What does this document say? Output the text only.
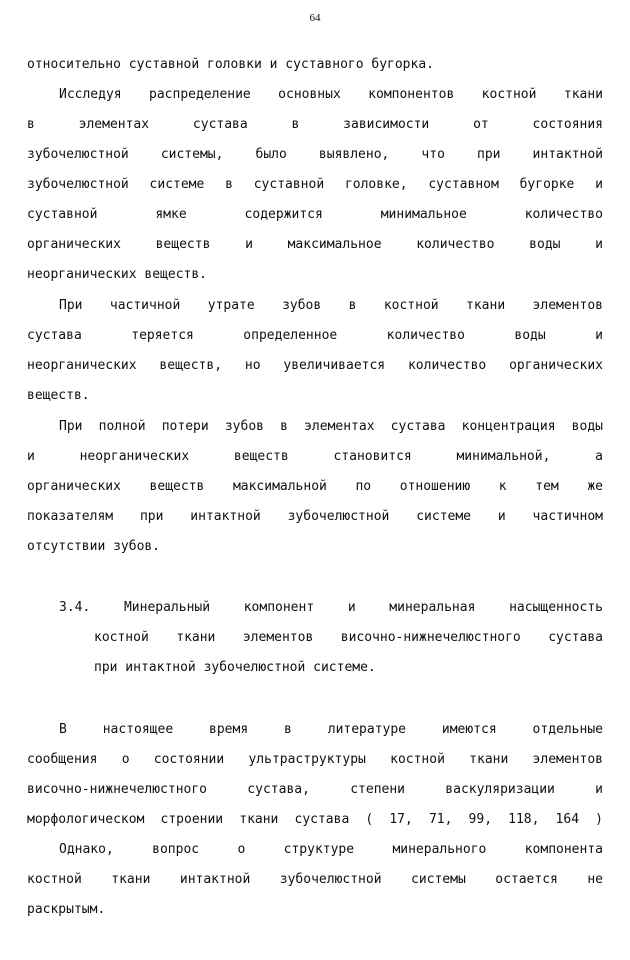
64
относительно суставной головки и суставного бугорка.
Исследуя распределение основных компонентов костной ткани
в элементах сустава в зависимости от состояния
зубочелюстной системы, было выявлено, что при интактной
зубочелюстной системе в суставной головке, суставном бугорке и
суставной ямке содержится минимальное количество
органических веществ и максимальное количество воды и
неорганических веществ.
При частичной утрате зубов в костной ткани элементов
сустава теряется определенное количество воды и
неорганических веществ, но увеличивается количество органических
веществ.
При полной потери зубов в элементах сустава концентрация воды
и неорганических веществ становится минимальной, а
органических веществ максимальной по отношению к тем же
показателям при интактной зубочелюстной системе и частичном
отсутствии зубов.
3.4. Минеральный компонент и минеральная насыщенность
костной ткани элементов височно-нижнечелюстного сустава
при интактной зубочелюстной системе.
В настоящее время в литературе имеются отдельные
сообщения о состоянии ультраструктуры костной ткани элементов
височно-нижнечелюстного сустава, степени васкуляризации и
морфологическом строении ткани сустава ( 17, 71, 99, 118, 164 )
Однако, вопрос о структуре минерального компонента
костной ткани интактной зубочелюстной системы остается не
раскрытым.
